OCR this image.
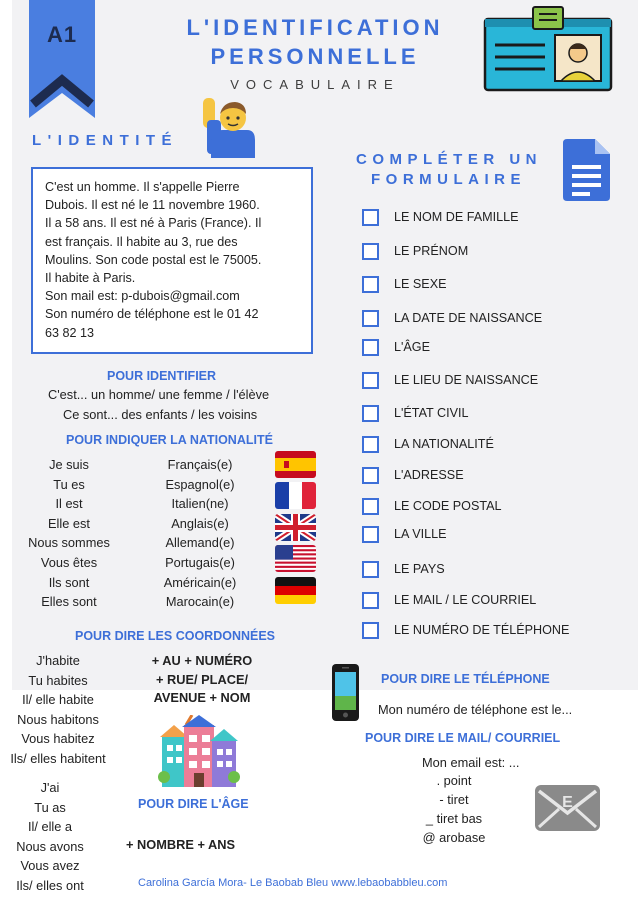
A1	L'IDENTIFICATION
PERSONNELLE
VOCABULAIRE
L'IDENTITÉ
C'est un homme. Il s'appelle Pierre
Dubois. Il est né le 11 novembre 1960.
Il a 58 ans. Il est né à Paris (France). Il
est français. Il habite au 3, rue des
Moulins. Son code postal est le 75005.
Il habite à Paris.
Son mail est: p-dubois@gmail.com
Son numéro de téléphone est le 01 42
63 82 13
POUR IDENTIFIER
C'est... un homme/ une femme / l'élève
Ce sont... des enfants / les voisins
POUR INDIQUER LA NATIONALITÉ
Je suis
Tu es
Il est
Elle est
Nous sommes
Vous êtes
Ils sont
Elles sont
Français(e)
Espagnol(e)
Italien(ne)
Anglais(e)
Allemand(e)
Portugais(e)
Américain(e)
Marocain(e)
COMPLÉTER UN
FORMULAIRE
LE NOM DE FAMILLE
LE PRÉNOM
LE SEXE
LA DATE DE NAISSANCE
L'ÂGE
LE LIEU DE NAISSANCE
L'ÉTAT CIVIL
LA NATIONALITÉ
L'ADRESSE
LE CODE POSTAL
LA VILLE
LE PAYS
LE MAIL / LE COURRIEL
LE NUMÉRO DE TÉLÉPHONE
POUR DIRE LES COORDONNÉES
J'habite
Tu habites
Il/ elle habite
Nous habitons
Vous habitez
Ils/ elles habitent
+ AU + NUMÉRO
+ RUE/ PLACE/
AVENUE + NOM
J'ai
Tu as
Il/ elle a
Nous avons
Vous avez
Ils/ elles ont
POUR DIRE L'ÂGE
+ NOMBRE + ANS
POUR DIRE LE TÉLÉPHONE
Mon numéro de téléphone est le...
POUR DIRE LE MAIL/ COURRIEL
Mon email est: ...
. point
- tiret
_ tiret bas
@ arobase
E
Carolina García Mora- Le Baobab Bleu www.lebaobabbleu.com
